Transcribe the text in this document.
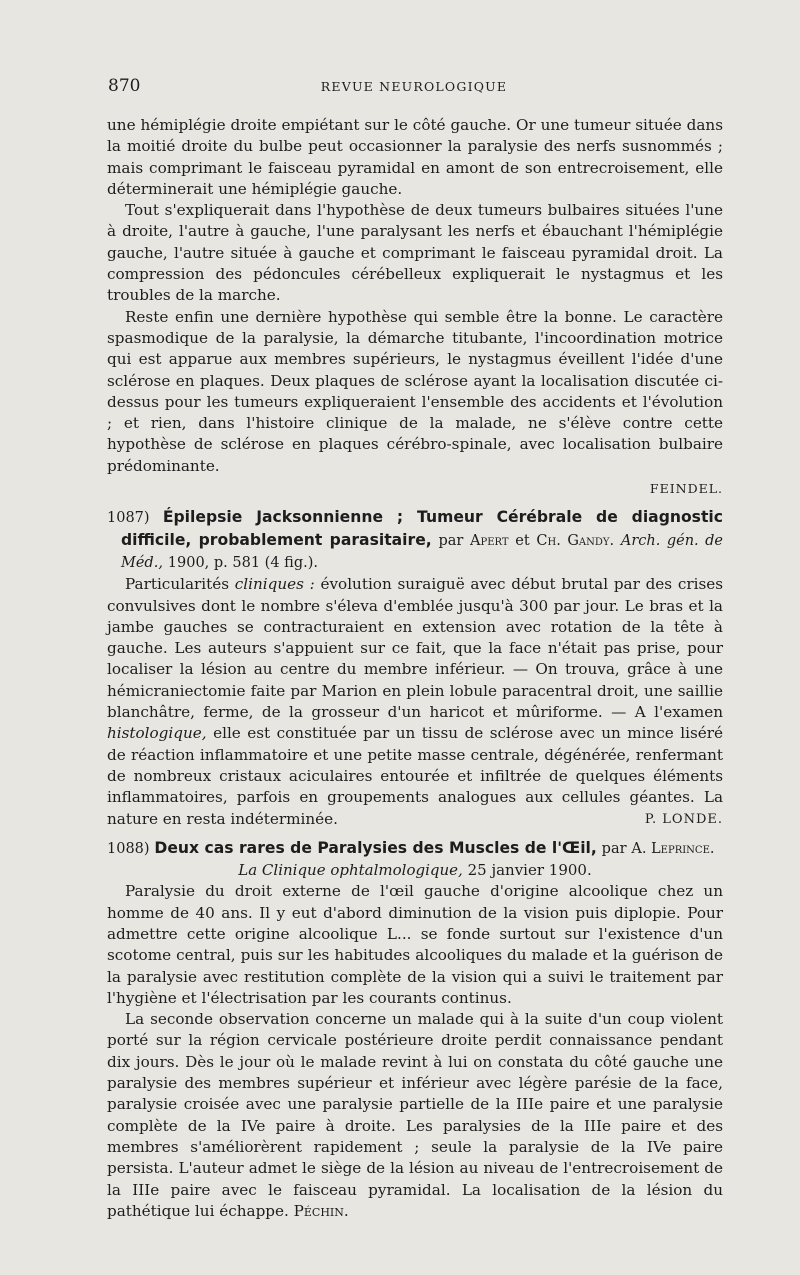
870	REVUE NEUROLOGIQUE

une hémiplégie droite empiétant sur le côté gauche. Or une tumeur située dans la moitié droite du bulbe peut occasionner la paralysie des nerfs susnommés ; mais comprimant le faisceau pyramidal en amont de son entrecroisement, elle déterminerait une hémiplégie gauche.

Tout s'expliquerait dans l'hypothèse de deux tumeurs bulbaires situées l'une à droite, l'autre à gauche, l'une paralysant les nerfs et ébauchant l'hémiplégie gauche, l'autre située à gauche et comprimant le faisceau pyramidal droit. La compression des pédoncules cérébelleux expliquerait le nystagmus et les troubles de la marche.

Reste enfin une dernière hypothèse qui semble être la bonne. Le caractère spasmodique de la paralysie, la démarche titubante, l'incoordination motrice qui est apparue aux membres supérieurs, le nystagmus éveillent l'idée d'une sclérose en plaques. Deux plaques de sclérose ayant la localisation discutée ci-dessus pour les tumeurs expliqueraient l'ensemble des accidents et l'évolution ; et rien, dans l'histoire clinique de la malade, ne s'élève contre cette hypothèse de sclérose en plaques cérébro-spinale, avec localisation bulbaire prédominante.

FEINDEL.

1087) Épilepsie Jacksonnienne ; Tumeur Cérébrale de diagnostic difficile, probablement parasitaire, par Apert et Ch. Gandy. Arch. gén. de Méd., 1900, p. 581 (4 fig.).

Particularités cliniques : évolution suraiguë avec début brutal par des crises convulsives dont le nombre s'éleva d'emblée jusqu'à 300 par jour. Le bras et la jambe gauches se contracturaient en extension avec rotation de la tête à gauche. Les auteurs s'appuient sur ce fait, que la face n'était pas prise, pour localiser la lésion au centre du membre inférieur. — On trouva, grâce à une hémicraniectomie faite par Marion en plein lobule paracentral droit, une saillie blanchâtre, ferme, de la grosseur d'un haricot et mûriforme. — A l'examen histologique, elle est constituée par un tissu de sclérose avec un mince liséré de réaction inflammatoire et une petite masse centrale, dégénérée, renfermant de nombreux cristaux aciculaires entourée et infiltrée de quelques éléments inflammatoires, parfois en groupements analogues aux cellules géantes. La nature en resta indéterminée.	P. LONDE.

1088) Deux cas rares de Paralysies des Muscles de l'Œil, par A. Leprince.

La Clinique ophtalmologique, 25 janvier 1900.

Paralysie du droit externe de l'œil gauche d'origine alcoolique chez un homme de 40 ans. Il y eut d'abord diminution de la vision puis diplopie. Pour admettre cette origine alcoolique L... se fonde surtout sur l'existence d'un scotome central, puis sur les habitudes alcooliques du malade et la guérison de la paralysie avec restitution complète de la vision qui a suivi le traitement par l'hygiène et l'électrisation par les courants continus.

La seconde observation concerne un malade qui à la suite d'un coup violent porté sur la région cervicale postérieure droite perdit connaissance pendant dix jours. Dès le jour où le malade revint à lui on constata du côté gauche une paralysie des membres supérieur et inférieur avec légère parésie de la face, paralysie croisée avec une paralysie partielle de la IIIe paire et une paralysie complète de la IVe paire à droite. Les paralysies de la IIIe paire et des membres s'améliorèrent rapidement ; seule la paralysie de la IVe paire persista. L'auteur admet le siège de la lésion au niveau de l'entrecroisement de la IIIe paire avec le faisceau pyramidal. La localisation de la lésion du pathétique lui échappe. Péchin.
